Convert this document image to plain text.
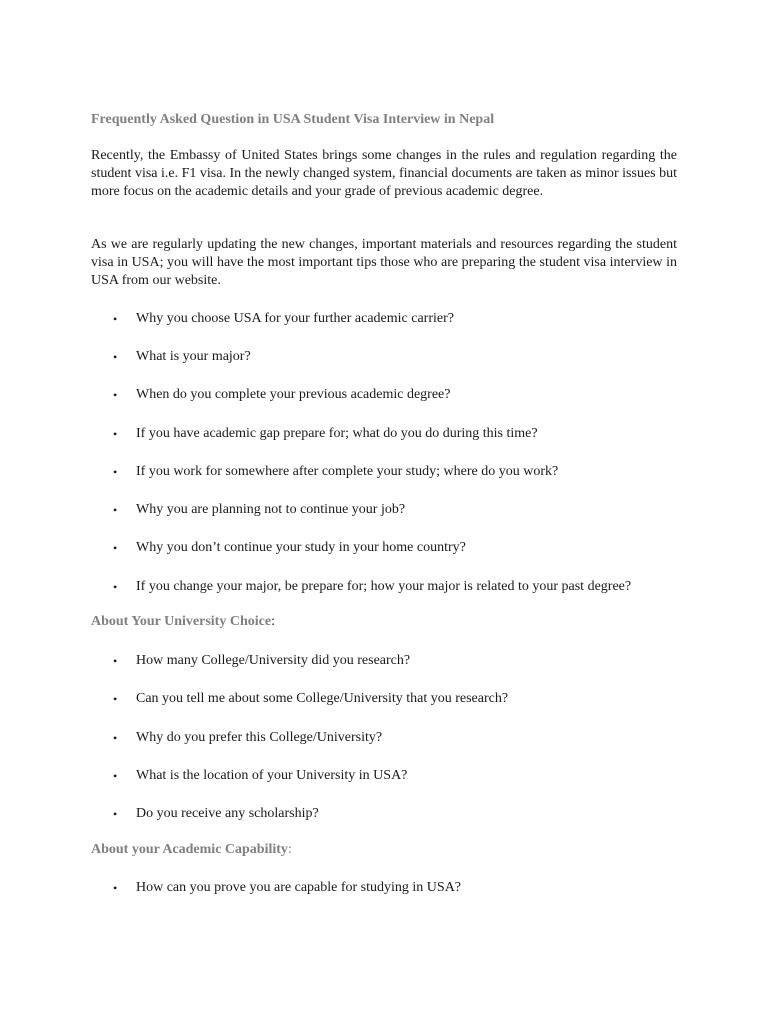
Frequently Asked Question in USA Student Visa Interview in Nepal

Recently, the Embassy of United States brings some changes in the rules and regulation regarding the student visa i.e. F1 visa. In the newly changed system, financial documents are taken as minor issues but more focus on the academic details and your grade of previous academic degree.

As we are regularly updating the new changes, important materials and resources regarding the student visa in USA; you will have the most important tips those who are preparing the student visa interview in USA from our website.

• Why you choose USA for your further academic carrier?
• What is your major?
• When do you complete your previous academic degree?
• If you have academic gap prepare for; what do you do during this time?
• If you work for somewhere after complete your study; where do you work?
• Why you are planning not to continue your job?
• Why you don’t continue your study in your home country?
• If you change your major, be prepare for; how your major is related to your past degree?
About Your University Choice:
• How many College/University did you research?
• Can you tell me about some College/University that you research?
• Why do you prefer this College/University?
• What is the location of your University in USA?
• Do you receive any scholarship?
About your Academic Capability:
• How can you prove you are capable for studying in USA?
